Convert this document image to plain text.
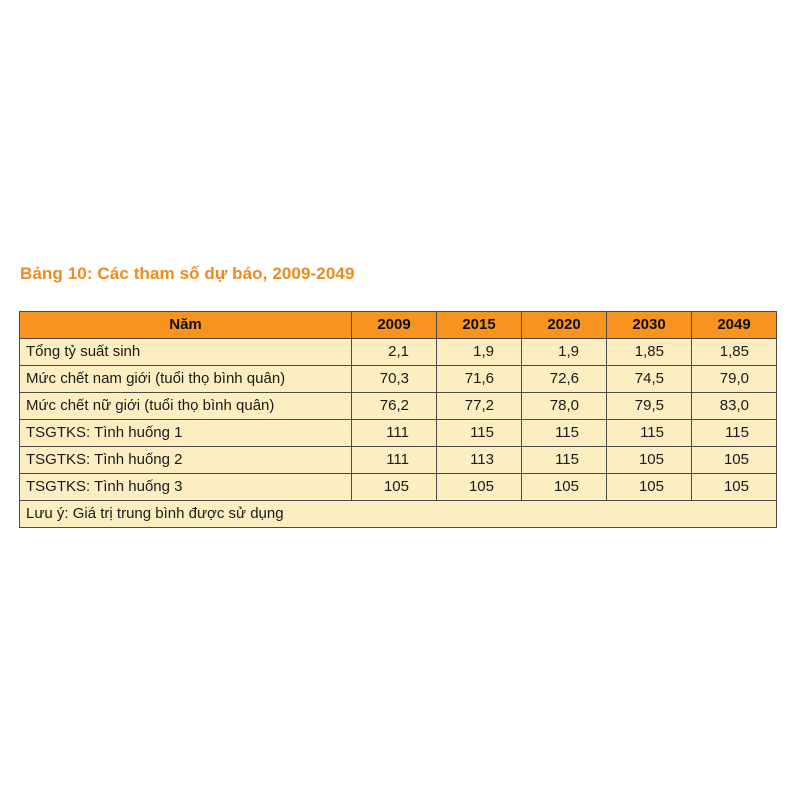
Bảng 10: Các tham số dự báo, 2009-2049
Năm	2009	2015	2020	2030	2049
Tổng tỷ suất sinh	2,1	1,9	1,9	1,85	1,85
Mức chết nam giới (tuổi thọ bình quân)	70,3	71,6	72,6	74,5	79,0
Mức chết nữ giới (tuổi thọ bình quân)	76,2	77,2	78,0	79,5	83,0
TSGTKS: Tình huống 1	111	115	115	115	115
TSGTKS: Tình huống 2	111	113	115	105	105
TSGTKS: Tình huống 3	105	105	105	105	105
Lưu ý: Giá trị trung bình được sử dụng					
